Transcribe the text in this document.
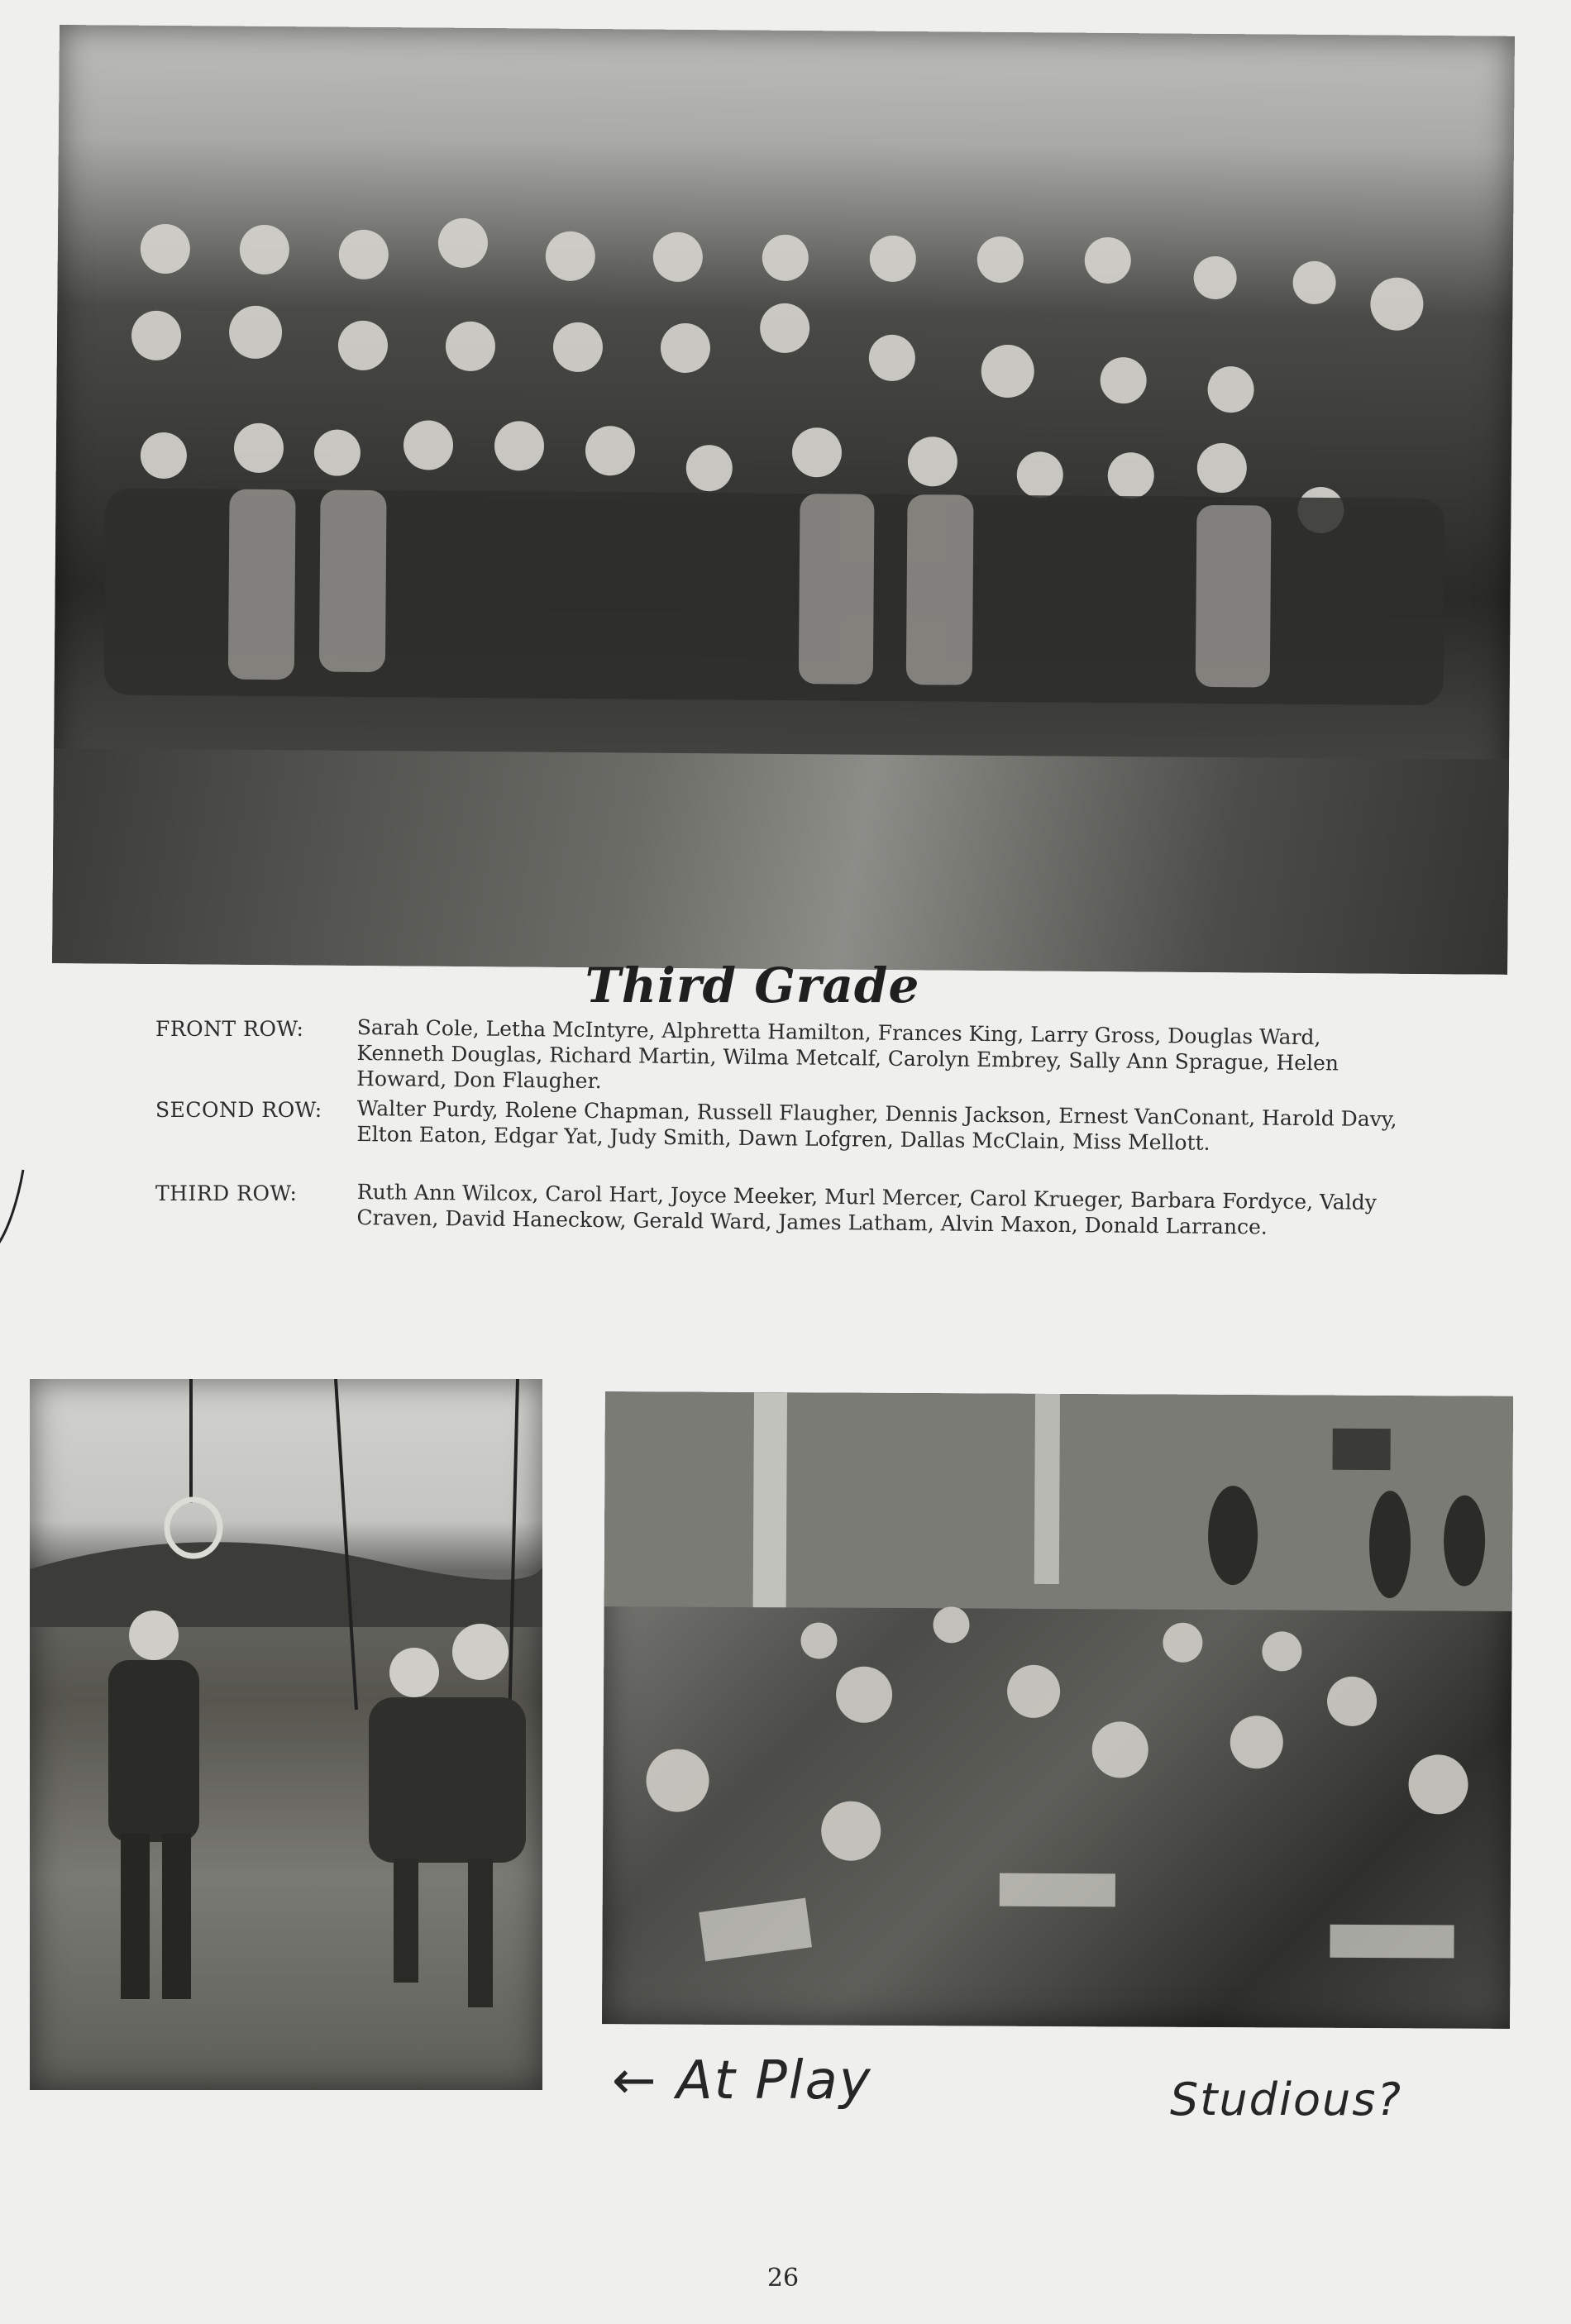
Third Grade
FRONT ROW:	Sarah Cole, Letha McIntyre, Alphretta Hamilton, Frances King, Larry Gross, Douglas Ward, Kenneth Douglas, Richard Martin, Wilma Metcalf, Carolyn Embrey, Sally Ann Sprague, Helen Howard, Don Flaugher.
SECOND ROW: Walter Purdy, Rolene Chapman, Russell Flaugher, Dennis Jackson, Ernest VanConant, Harold Davy, Elton Eaton, Edgar Yat, Judy Smith, Dawn Lofgren, Dallas McClain, Miss Mellott.
THIRD ROW:	Ruth Ann Wilcox, Carol Hart, Joyce Meeker, Murl Mercer, Carol Krueger, Barbara Fordyce, Valdy Craven, David Haneckow, Gerald Ward, James Latham, Alvin Maxon, Donald Larrance.
← At Play	Studious?
26
